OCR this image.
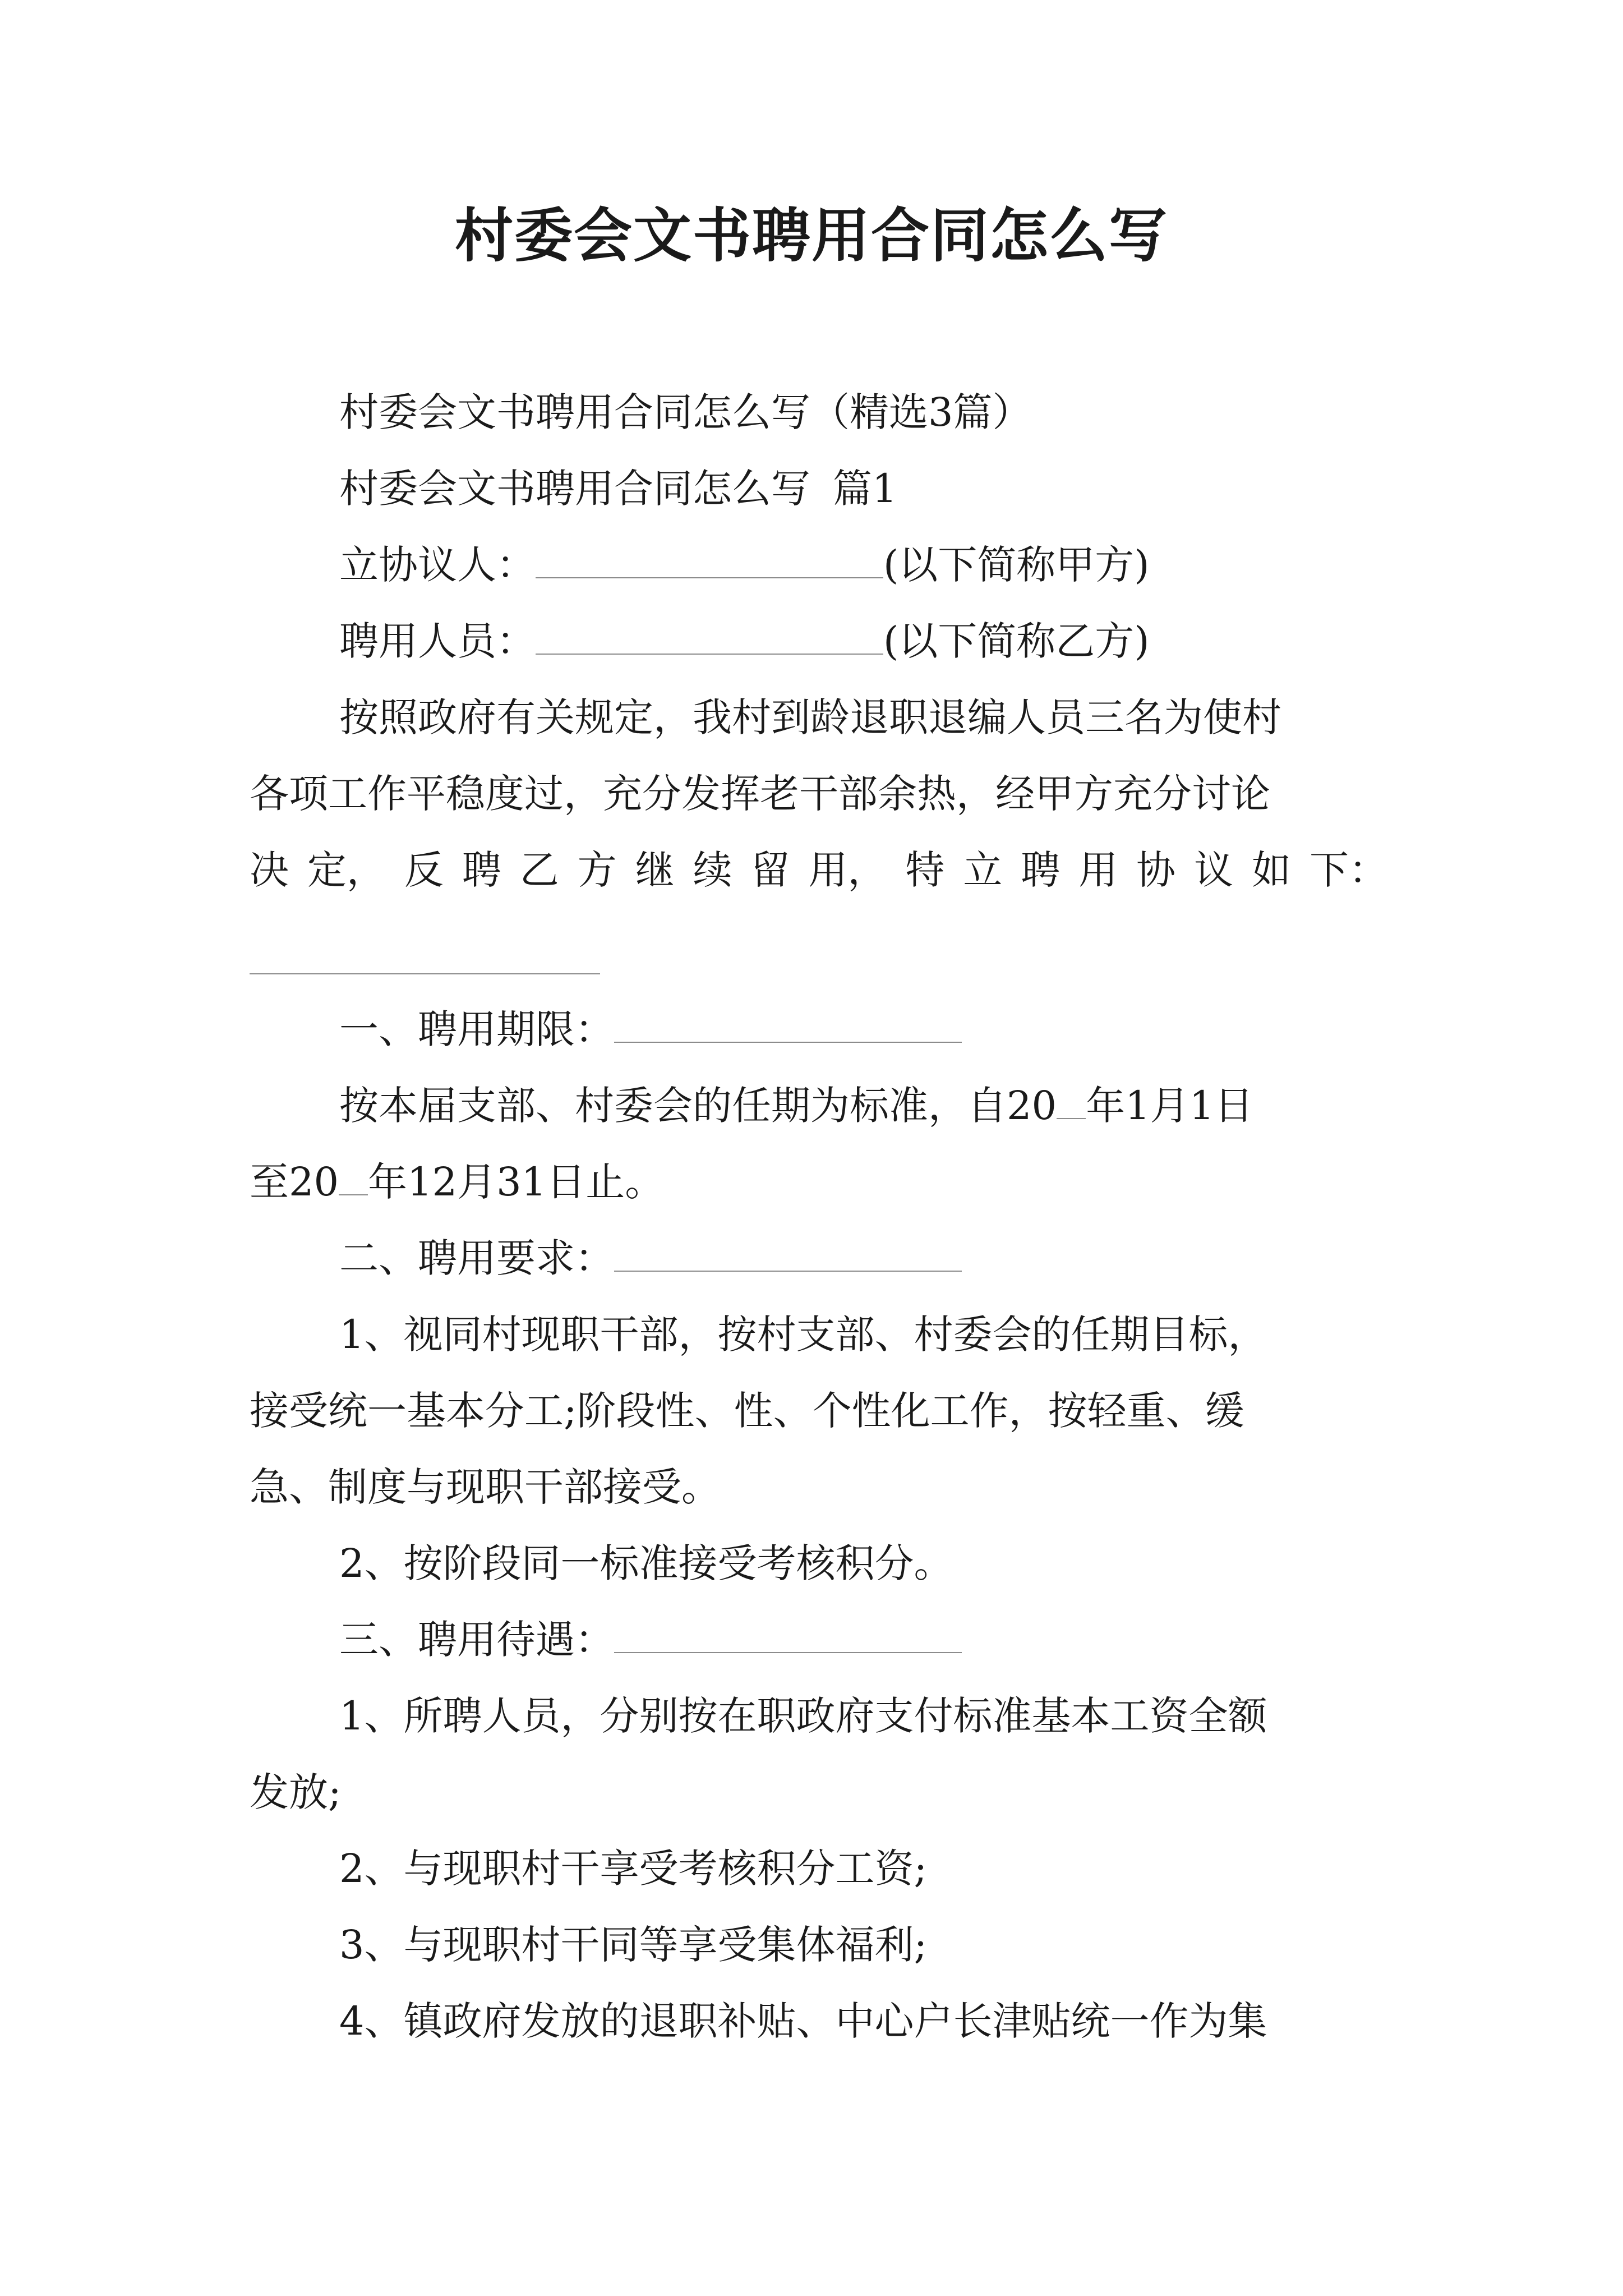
村委会文书聘用合同怎么写
村委会文书聘用合同怎么写（精选3篇）
村委会文书聘用合同怎么写 篇1
立协议人：	(以下简称甲方)
聘用人员：	(以下简称乙方)
按照政府有关规定，我村到龄退职退编人员三名为使村
各项工作平稳度过，充分发挥老干部余热，经甲方充分讨论
决 定， 反 聘 乙 方 继 续 留 用， 特 立 聘 用 协 议 如 下：
一、聘用期限：
按本届支部、村委会的任期为标准，自20 年1月1日
至20 年12月31日止。
二、聘用要求：
1、视同村现职干部，按村支部、村委会的任期目标，
接受统一基本分工;阶段性、性、个性化工作，按轻重、缓
急、制度与现职干部接受。
2、按阶段同一标准接受考核积分。
三、聘用待遇：
1、所聘人员，分别按在职政府支付标准基本工资全额
发放;
2、与现职村干享受考核积分工资;
3、与现职村干同等享受集体福利;
4、镇政府发放的退职补贴、中心户长津贴统一作为集
